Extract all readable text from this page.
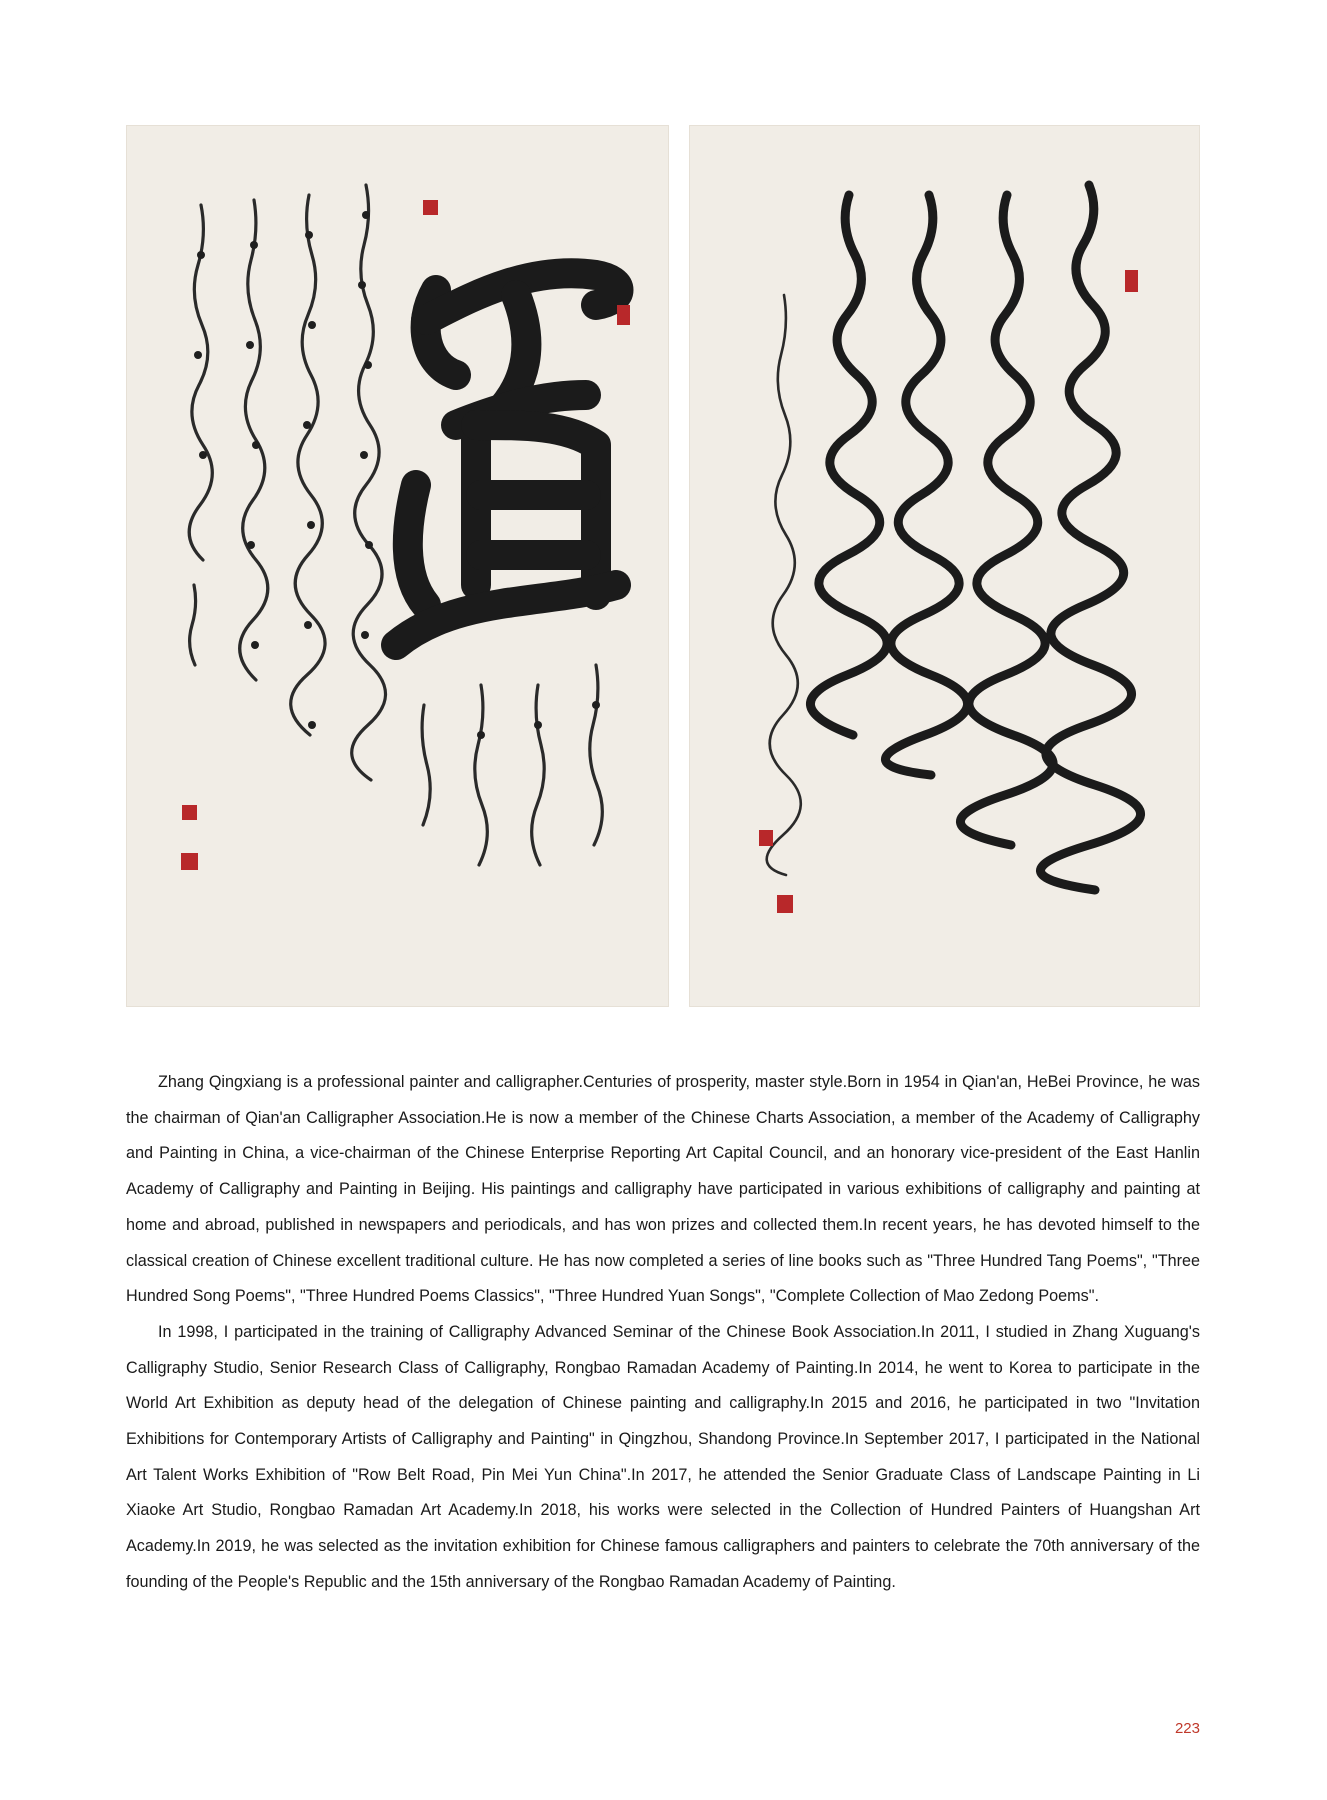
Zhang Qingxiang is a professional painter and calligrapher.Centuries of prosperity, master style.Born in 1954 in Qian'an, HeBei Province, he was the chairman of Qian'an Calligrapher Association.He is now a member of the Chinese Charts Association, a member of the Academy of Calligraphy and Painting in China, a vice-chairman of the Chinese Enterprise Reporting Art Capital Council, and an honorary vice-president of the East Hanlin Academy of Calligraphy and Painting in Beijing. His paintings and calligraphy have participated in various exhibitions of calligraphy and painting at home and abroad, published in newspapers and periodicals, and has won prizes and collected them.In recent years, he has devoted himself to the classical creation of Chinese excellent traditional culture. He has now completed a series of line books such as "Three Hundred Tang Poems", "Three Hundred Song Poems", "Three Hundred Poems Classics", "Three Hundred Yuan Songs", "Complete Collection of Mao Zedong Poems".

In 1998, I participated in the training of Calligraphy Advanced Seminar of the Chinese Book Association.In 2011, I studied in Zhang Xuguang's Calligraphy Studio, Senior Research Class of Calligraphy, Rongbao Ramadan Academy of Painting.In 2014, he went to Korea to participate in the World Art Exhibition as deputy head of the delegation of Chinese painting and calligraphy.In 2015 and 2016, he participated in two "Invitation Exhibitions for Contemporary Artists of Calligraphy and Painting" in Qingzhou, Shandong Province.In September 2017, I participated in the National Art Talent Works Exhibition of "Row Belt Road, Pin Mei Yun China".In 2017, he attended the Senior Graduate Class of Landscape Painting in Li Xiaoke Art Studio, Rongbao Ramadan Art Academy.In 2018, his works were selected in the Collection of Hundred Painters of Huangshan Art Academy.In 2019, he was selected as the invitation exhibition for Chinese famous calligraphers and painters to celebrate the 70th anniversary of the founding of the People's Republic and the 15th anniversary of the Rongbao Ramadan Academy of Painting.

223
